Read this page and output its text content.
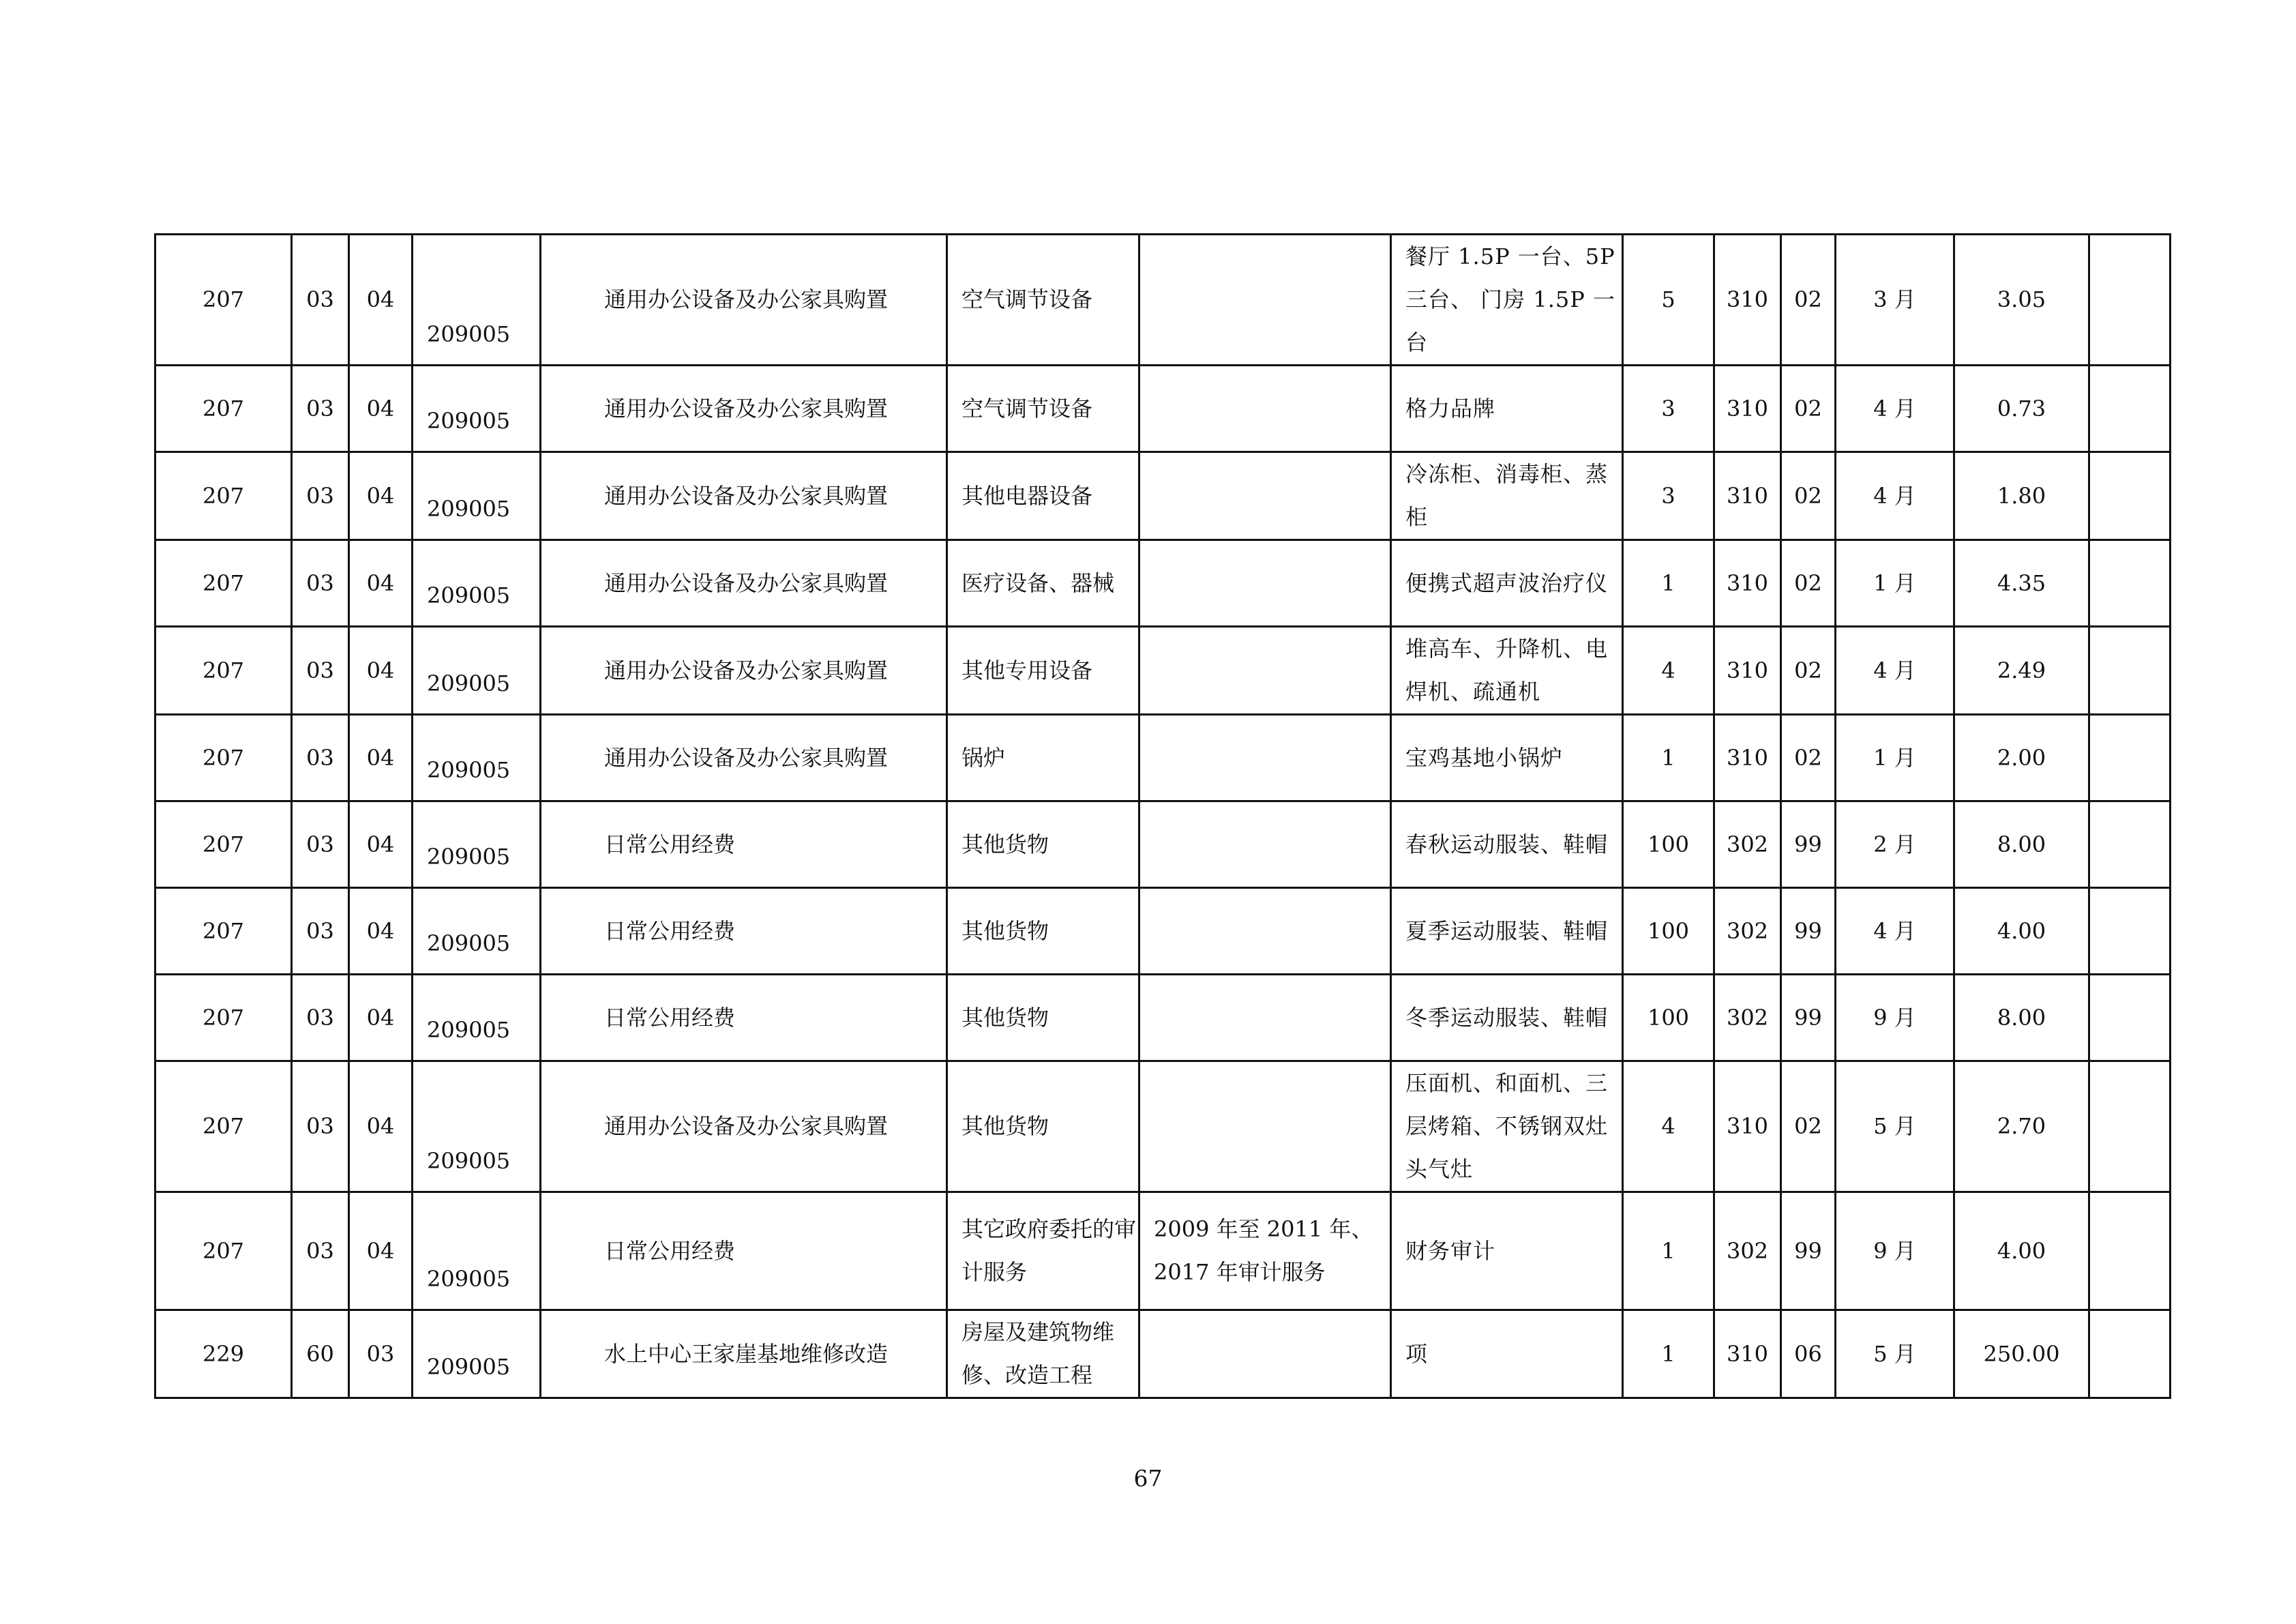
207	03	04	209005	通用办公设备及办公家具购置	空气调节设备		餐厅 1.5P 一台、5P 三台、 门房 1.5P 一台	5	310	02	3 月	3.05	
207	03	04	209005	通用办公设备及办公家具购置	空气调节设备		格力品牌	3	310	02	4 月	0.73	
207	03	04	209005	通用办公设备及办公家具购置	其他电器设备		冷冻柜、消毒柜、蒸柜	3	310	02	4 月	1.80	
207	03	04	209005	通用办公设备及办公家具购置	医疗设备、器械		便携式超声波治疗仪	1	310	02	1 月	4.35	
207	03	04	209005	通用办公设备及办公家具购置	其他专用设备		堆高车、升降机、电焊机、疏通机	4	310	02	4 月	2.49	
207	03	04	209005	通用办公设备及办公家具购置	锅炉		宝鸡基地小锅炉	1	310	02	1 月	2.00	
207	03	04	209005	日常公用经费	其他货物		春秋运动服装、鞋帽	100	302	99	2 月	8.00	
207	03	04	209005	日常公用经费	其他货物		夏季运动服装、鞋帽	100	302	99	4 月	4.00	
207	03	04	209005	日常公用经费	其他货物		冬季运动服装、鞋帽	100	302	99	9 月	8.00	
207	03	04	209005	通用办公设备及办公家具购置	其他货物		压面机、和面机、三层烤箱、不锈钢双灶头气灶	4	310	02	5 月	2.70	
207	03	04	209005	日常公用经费	其它政府委托的审计服务	2009 年至 2011 年、2017 年审计服务	财务审计	1	302	99	9 月	4.00	
229	60	03	209005	水上中心王家崖基地维修改造	房屋及建筑物维修、改造工程		项	1	310	06	5 月	250.00	
67
